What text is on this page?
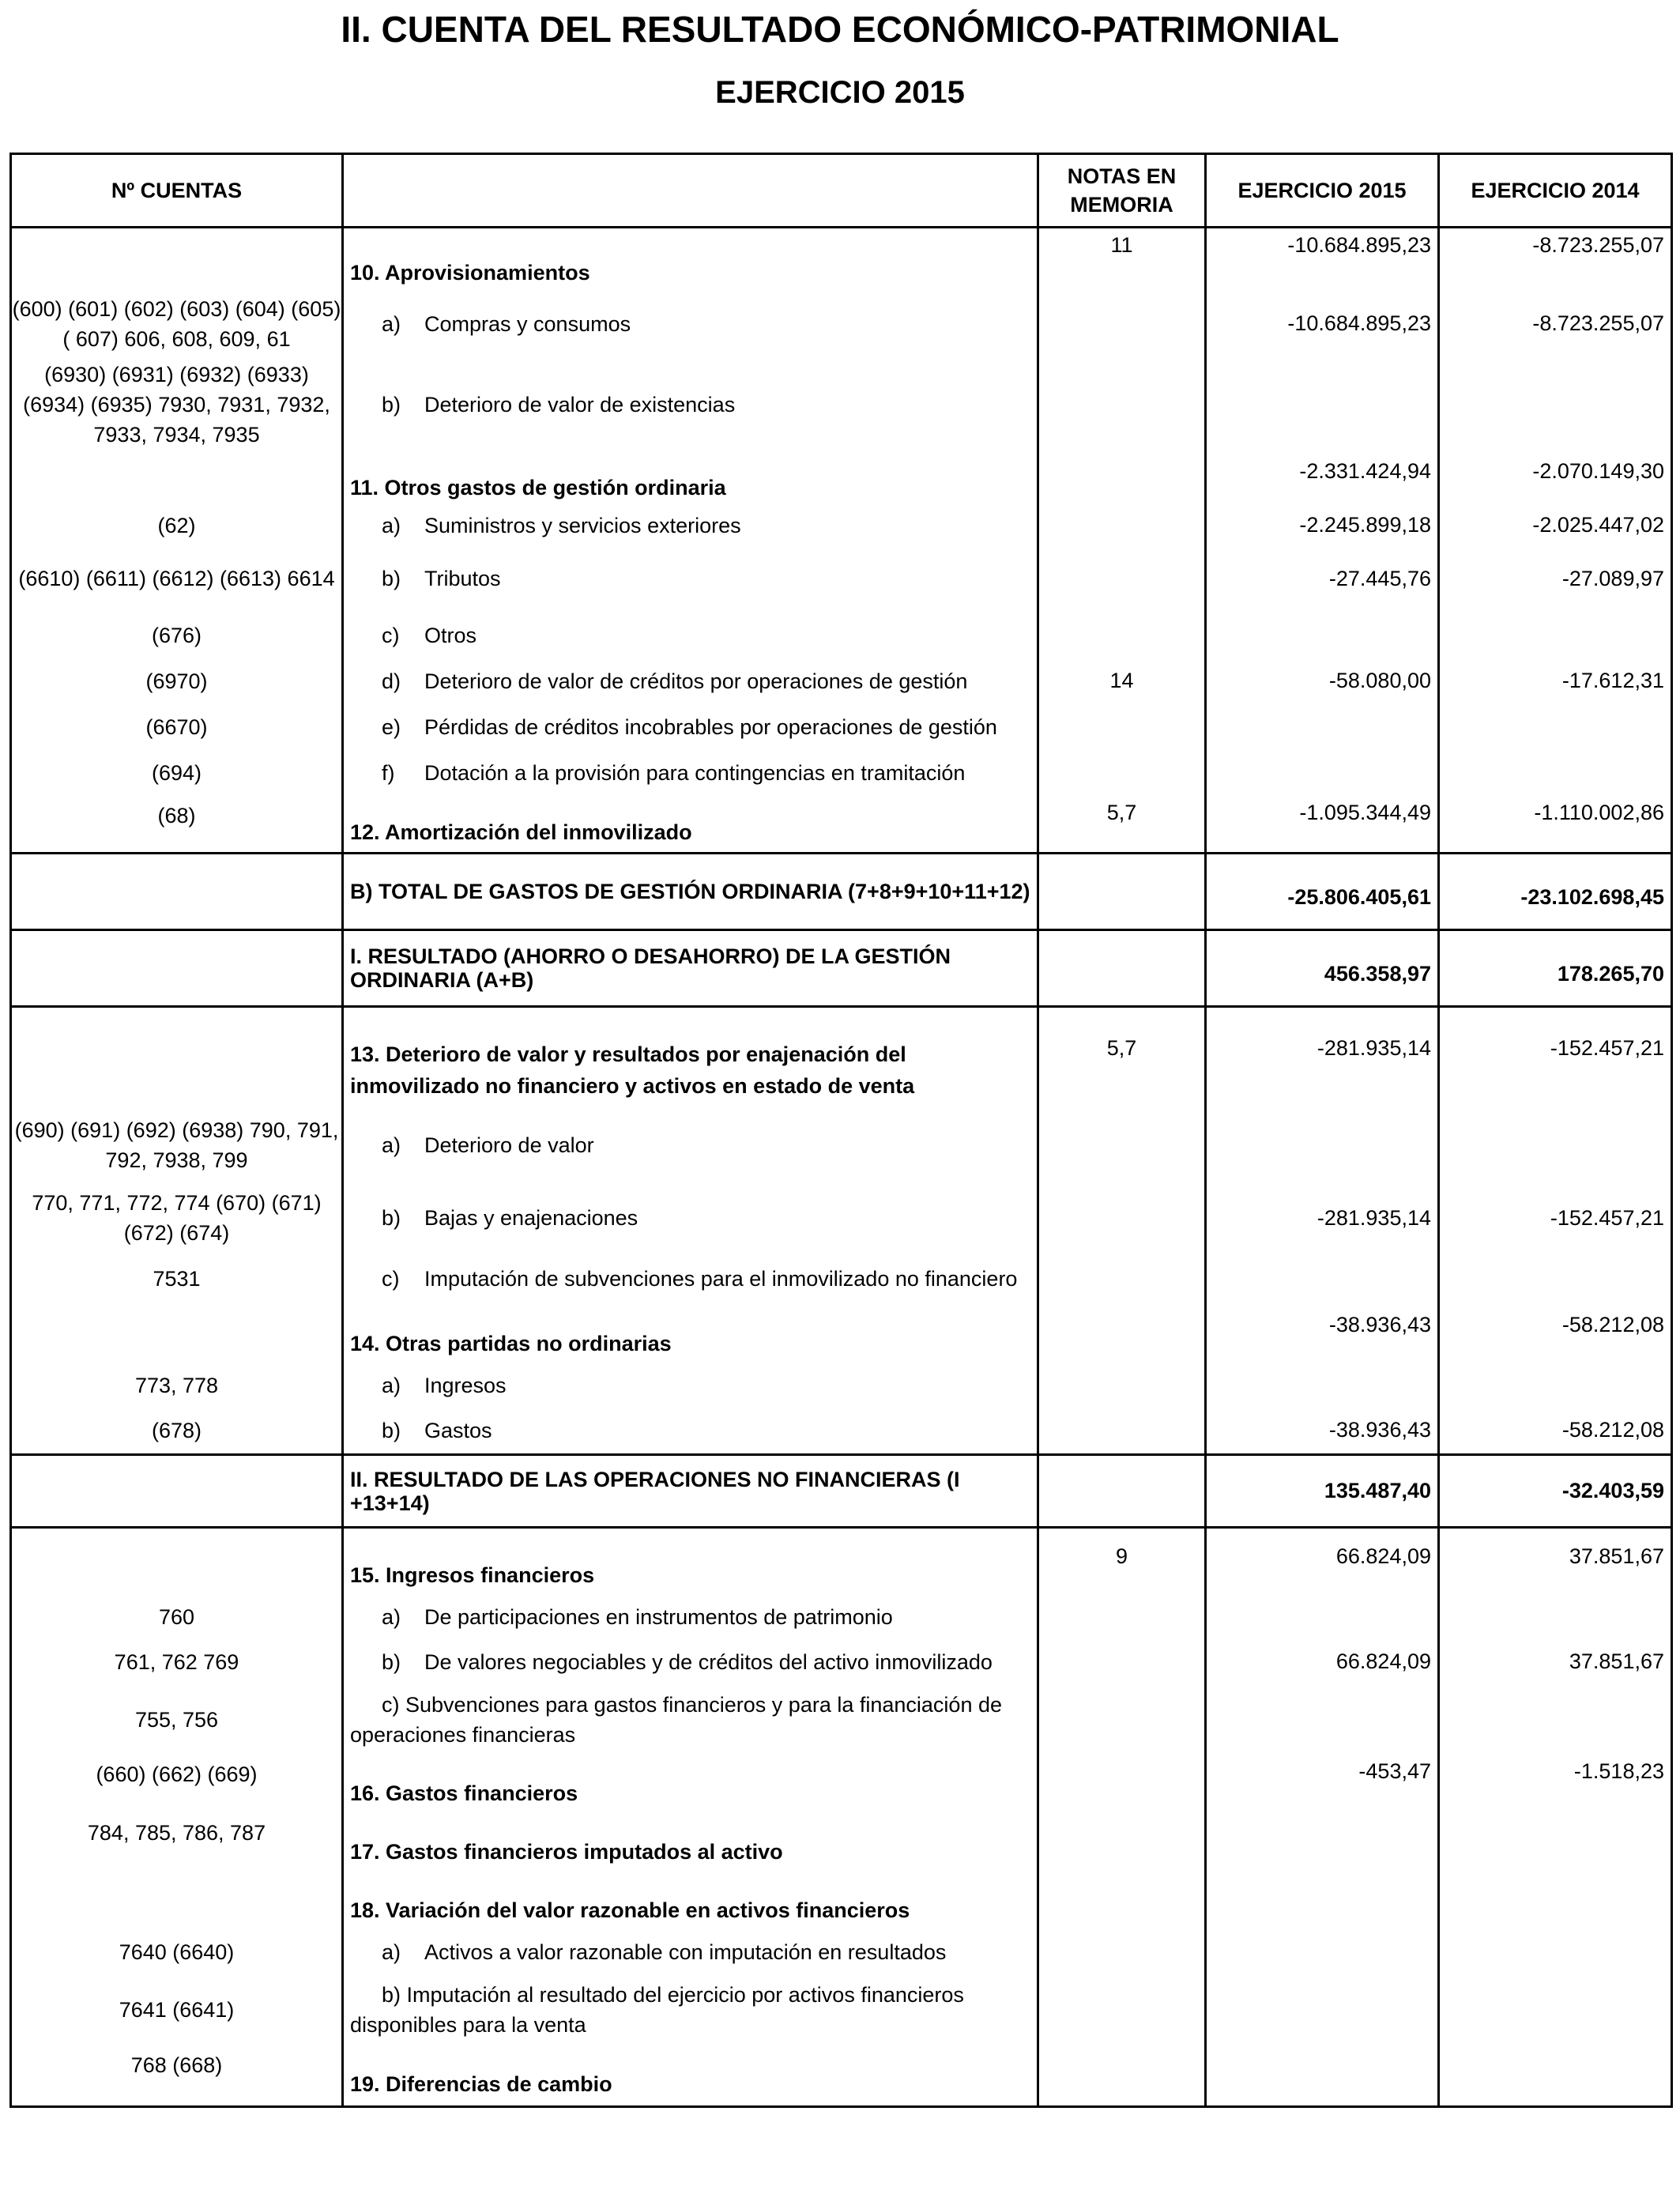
II. CUENTA DEL RESULTADO ECONÓMICO-PATRIMONIAL
EJERCICIO 2015
Nº CUENTAS		NOTAS EN MEMORIA	EJERCICIO 2015	EJERCICIO 2014
	10. Aprovisionamientos	11	-10.684.895,23	-8.723.255,07
(600) (601) (602) (603) (604) (605) ( 607) 606, 608, 609, 61	a) Compras y consumos		-10.684.895,23	-8.723.255,07
(6930) (6931) (6932) (6933) (6934) (6935) 7930, 7931, 7932, 7933, 7934, 7935	b) Deterioro de valor de existencias			
	11. Otros gastos de gestión ordinaria		-2.331.424,94	-2.070.149,30
(62)	a) Suministros y servicios exteriores		-2.245.899,18	-2.025.447,02
(6610) (6611) (6612) (6613) 6614	b) Tributos		-27.445,76	-27.089,97
(676)	c) Otros			
(6970)	d) Deterioro de valor de créditos por operaciones de gestión	14	-58.080,00	-17.612,31
(6670)	e) Pérdidas de créditos incobrables por operaciones de gestión			
(694)	f) Dotación a la provisión para contingencias en tramitación			
(68)	12. Amortización del inmovilizado	5,7	-1.095.344,49	-1.110.002,86
	B) TOTAL DE GASTOS DE GESTIÓN ORDINARIA (7+8+9+10+11+12)		-25.806.405,61	-23.102.698,45
	I. RESULTADO (AHORRO O DESAHORRO) DE LA GESTIÓN ORDINARIA (A+B)		456.358,97	178.265,70
	13. Deterioro de valor y resultados por enajenación del inmovilizado no financiero y activos en estado de venta	5,7	-281.935,14	-152.457,21
(690) (691) (692) (6938) 790, 791, 792, 7938, 799	a) Deterioro de valor			
770, 771, 772, 774 (670) (671) (672) (674)	b) Bajas y enajenaciones		-281.935,14	-152.457,21
7531	c) Imputación de subvenciones para el inmovilizado no financiero			
	14. Otras partidas no ordinarias		-38.936,43	-58.212,08
773, 778	a) Ingresos			
(678)	b) Gastos		-38.936,43	-58.212,08
	II. RESULTADO DE LAS OPERACIONES NO FINANCIERAS (I +13+14)		135.487,40	-32.403,59
	15. Ingresos financieros	9	66.824,09	37.851,67
760	a) De participaciones en instrumentos de patrimonio			
761, 762 769	b) De valores negociables y de créditos del activo inmovilizado		66.824,09	37.851,67
755, 756	c) Subvenciones para gastos financieros y para la financiación de operaciones financieras			
(660) (662) (669)	16. Gastos financieros		-453,47	-1.518,23
784, 785, 786, 787	17. Gastos financieros imputados al activo			
	18. Variación del valor razonable en activos financieros			
7640 (6640)	a) Activos a valor razonable con imputación en resultados			
7641 (6641)	b) Imputación al resultado del ejercicio por activos financieros disponibles para la venta			
768 (668)	19. Diferencias de cambio			
